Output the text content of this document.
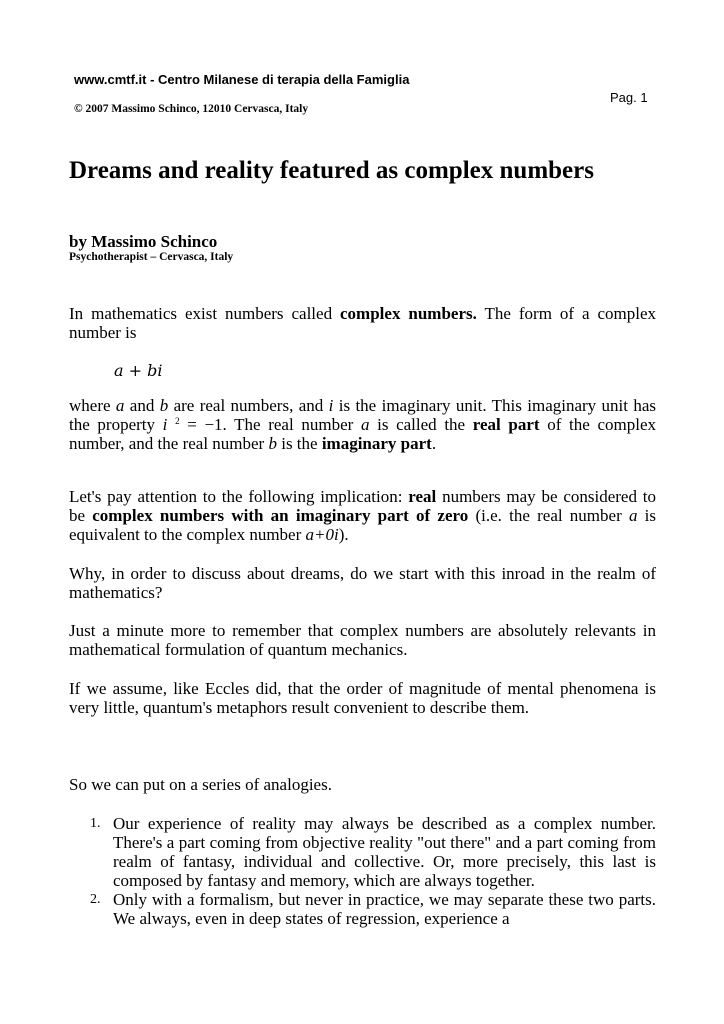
www.cmtf.it - Centro Milanese di terapia della Famiglia
Pag. 1
© 2007 Massimo Schinco, 12010 Cervasca, Italy
Dreams and reality featured as complex numbers
by Massimo Schinco
Psychotherapist – Cervasca, Italy

In mathematics exist numbers called complex numbers. The form of a complex number is

a + bi

where a and b are real numbers, and i is the imaginary unit. This imaginary unit has the property i $^2$ = −1. The real number a is called the real part of the complex number, and the real number b is the imaginary part.

Let's pay attention to the following implication: real numbers may be considered to be complex numbers with an imaginary part of zero (i.e. the real number a is equivalent to the complex number a+0i).

Why, in order to discuss about dreams, do we start with this inroad in the realm of mathematics?

Just a minute more to remember that complex numbers are absolutely relevants in mathematical formulation of quantum mechanics.

If we assume, like Eccles did, that the order of magnitude of mental phenomena is very little, quantum's metaphors result convenient to describe them.

So we can put on a series of analogies.

1. Our experience of reality may always be described as a complex number. There's a part coming from objective reality "out there" and a part coming from realm of fantasy, individual and collective. Or, more precisely, this last is composed by fantasy and memory, which are always together.
2. Only with a formalism, but never in practice, we may separate these two parts. We always, even in deep states of regression, experience a
